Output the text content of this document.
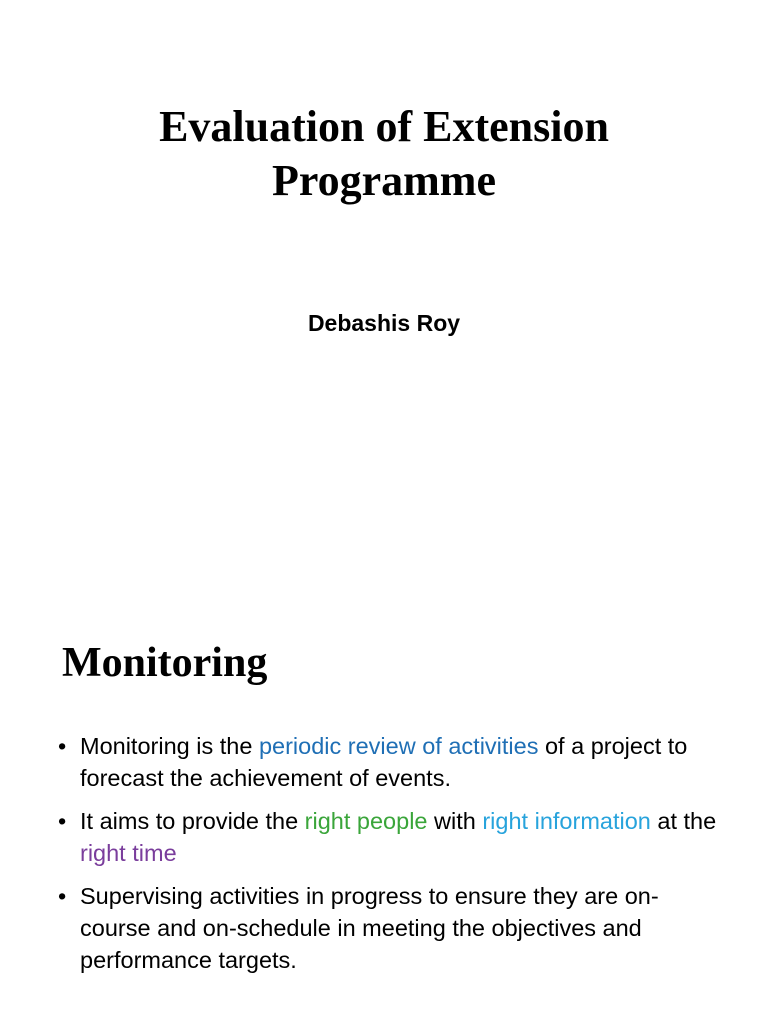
Evaluation of Extension
Programme

Debashis Roy

Monitoring
• Monitoring is the periodic review of activities of a project to forecast the achievement of events.
• It aims to provide the right people with right information at the right time
• Supervising activities in progress to ensure they are on-course and on-schedule in meeting the objectives and performance targets.
